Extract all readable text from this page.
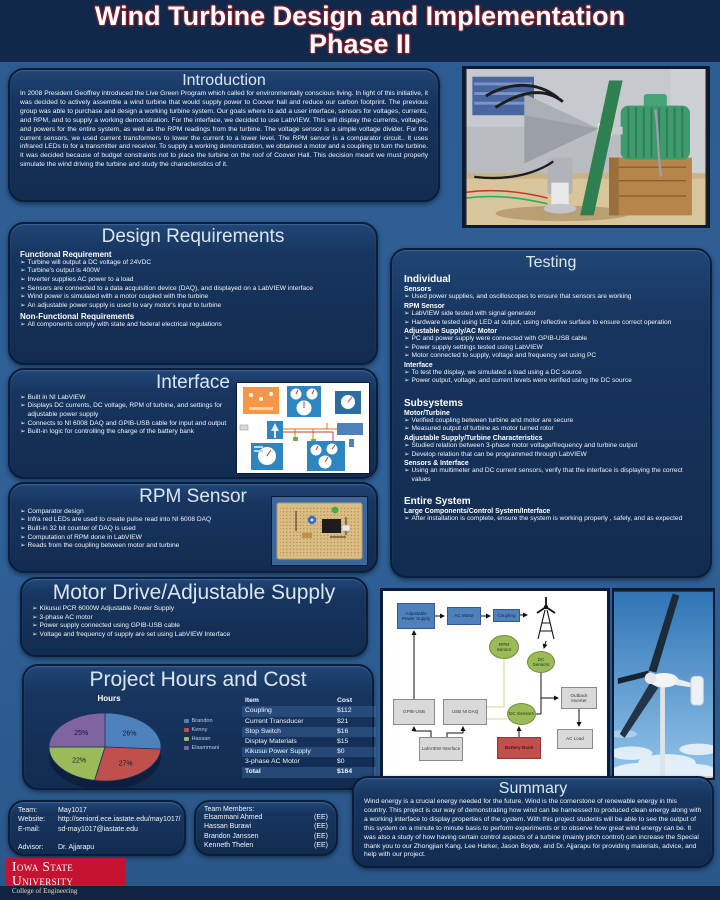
Wind Turbine Design and Implementation
Phase II
Introduction
In 2008 President Geoffrey introduced the Live Green Program which called for environmentally conscious living. In light of this initiative, it was decided to actively assemble a wind turbine that would supply power to Coover hall and reduce our carbon footprint. The previous group was able to purchase and design a working turbine system. Our goals where to add a user interface, sensors for voltages, currents, and RPM, and to supply a working demonstration. For the interface, we decided to use LabVIEW. This will display the currents, voltages, and powers for the entire system, as well as the RPM readings from the turbine. The voltage sensor is a simple voltage divider. For the current sensors, we used current transformers to lower the current to a lower level. The RPM sensor is a comparator circuit.. It uses infrared LEDs to for a transmitter and receiver. To supply a working demonstration, we obtained a motor and a coupling to turn the turbine. It was decided because of budget constraints not to place the turbine on the roof of Coover Hall. This decision meant we must properly simulate the wind driving the turbine and study the characteristics of it.
Design Requirements
Functional Requirement
➢ Turbine will output a DC voltage of 24VDC
➢ Turbine's output is 400W
➢ Inverter supplies AC power to a load
➢ Sensors are connected to a data acquisition device (DAQ), and displayed on a LabVIEW interface
➢ Wind power is simulated with a motor coupled with the turbine
➢ An adjustable power supply is used to vary motor's input to turbine
Non-Functional Requirements
➢ All components comply with state and federal electrical regulations
Testing
Individual
Sensors
➢ Used power supplies, and oscilloscopes to ensure that sensors are working
RPM Sensor
➢ LabVIEW side tested with signal generator
➢ Hardware tested using LED at output, using reflective surface to ensure correct operation
Adjustable Supply/AC Motor
➢ PC and power supply were connected with GPIB-USB cable
➢ Power supply settings tested using LabVIEW
➢ Motor connected to supply, voltage and frequency set using PC
Interface
➢ To test the display, we simulated a load using a DC source
➢ Power output, voltage, and current levels were verified using the DC source
Subsystems
Motor/Turbine
➢ Verified coupling between turbine and motor are secure
➢ Measured output of turbine as motor turned rotor
Adjustable Supply/Turbine Characteristics
➢ Studied relation between 3-phase motor voltage/frequency and turbine output
➢ Develop relation that can be programmed through LabVIEW
Sensors & Interface
➢ Using an multimeter and DC current sensors, verify that the interface is displaying the correct values
Entire System
Large Components/Control System/Interface
➢ After installation is complete, ensure the system is working properly , safely, and as expected
Interface
➢ Built in NI LabVIEW
➢ Displays DC currents, DC voltage, RPM of turbine, and settings for adjustable power supply
➢ Connects to NI 6008 DAQ and GPIB-USB cable for input and output
➢ Built-in logic for controlling the charge of the battery bank
RPM Sensor
➢ Comparator design
➢ Infra red LEDs are used to create pulse read into NI 6008 DAQ
➢ Built-in 32 bit counter of DAQ is used
➢ Computation of RPM done in LabVIEW
➢ Reads from the coupling between motor and turbine
Motor Drive/Adjustable Supply
➢ Kikusui PCR 6000W Adjustable Power Supply
➢ 3-phase AC motor
➢ Power supply connected using GPIB-USB cable
➢ Voltage and frequency of supply are set using LabVIEW Interface
Project Hours and Cost
Hours
26%
27%
22%
25%
Brandon
Kenny
Hassan
Elsammani
Item	Cost
Coupling	$112
Current Transducer	$21
Stop Switch	$16
Display Materials	$15
Kikusui Power Supply	$0
3-phase AC Motor	$0
Total	$164
Adjustable Power Supply
AC Motor	Coupling
RPM Sensor
DC Sensors
DC Sensors
GPIB-USB	USB NI DAQ
LabVIEW Interface	Battery Bank
Outback Inverter
AC Load
Summary
Wind energy is a crucial energy needed for the future. Wind is the cornerstone of renewable energy in this country. This project is our way of demonstrating how wind can be harnessed to produced clean energy along with a working interface to display properties of the system. With this project students will be able to see the output of this system on a minute to minute basis to perform experiments or to observe how great wind energy can be. It was also a study of how having certain control aspects of a turbine (mainly pitch control) can increase the Special thank you to our Zhongjian Kang, Lee Harker, Jason Boyde, and Dr. Ajjarapu for providing materials, advice, and help with our project.
Team:	May1017
Website:	http://seniord.ece.iastate.edu/may1017/
E-mail:	sd-may1017@iastate.edu
Advisor:	Dr. Ajjarapu
Team Members:
Elsammani Ahmed	(EE)
Hassan Burawi	(EE)
Brandon Janssen	(EE)
Kenneth Thelen	(EE)
Iowa State University
College of Engineering
